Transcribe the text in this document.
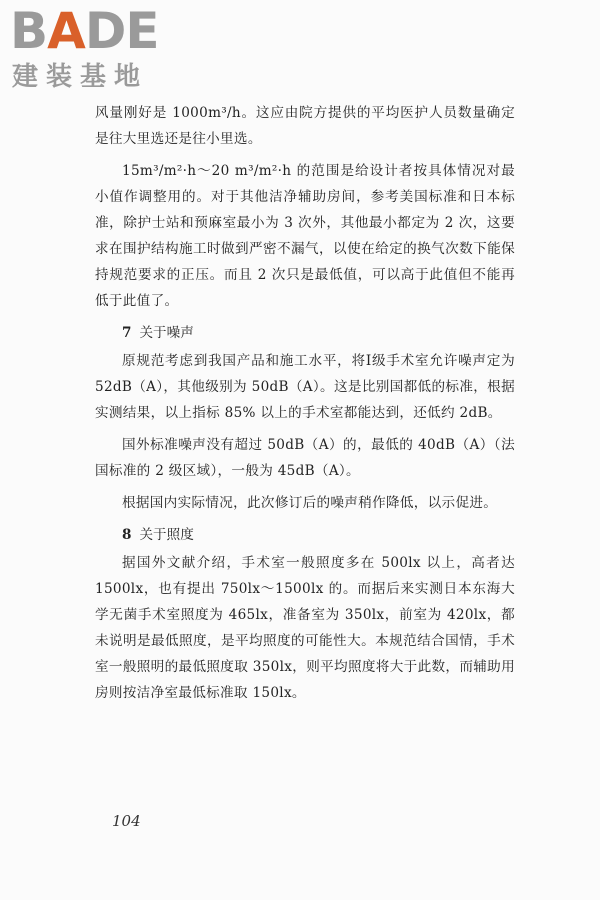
BADE
建装基地

风量刚好是 1000m³/h。这应由院方提供的平均医护人员数量确定是往大里选还是往小里选。

15m³/m²·h～20 m³/m²·h 的范围是给设计者按具体情况对最小值作调整用的。对于其他洁净辅助房间，参考美国标准和日本标准，除护士站和预麻室最小为 3 次外，其他最小都定为 2 次，这要求在围护结构施工时做到严密不漏气，以使在给定的换气次数下能保持规范要求的正压。而且 2 次只是最低值，可以高于此值但不能再低于此值了。

7 关于噪声

原规范考虑到我国产品和施工水平，将Ⅰ级手术室允许噪声定为 52dB（A），其他级别为 50dB（A）。这是比别国都低的标准，根据实测结果，以上指标 85% 以上的手术室都能达到，还低约 2dB。

国外标准噪声没有超过 50dB（A）的，最低的 40dB（A）（法国标准的 2 级区域），一般为 45dB（A）。

根据国内实际情况，此次修订后的噪声稍作降低，以示促进。

8 关于照度

据国外文献介绍，手术室一般照度多在 500lx 以上，高者达 1500lx，也有提出 750lx～1500lx 的。而据后来实测日本东海大学无菌手术室照度为 465lx，准备室为 350lx，前室为 420lx，都未说明是最低照度，是平均照度的可能性大。本规范结合国情，手术室一般照明的最低照度取 350lx，则平均照度将大于此数，而辅助用房则按洁净室最低标准取 150lx。

104
